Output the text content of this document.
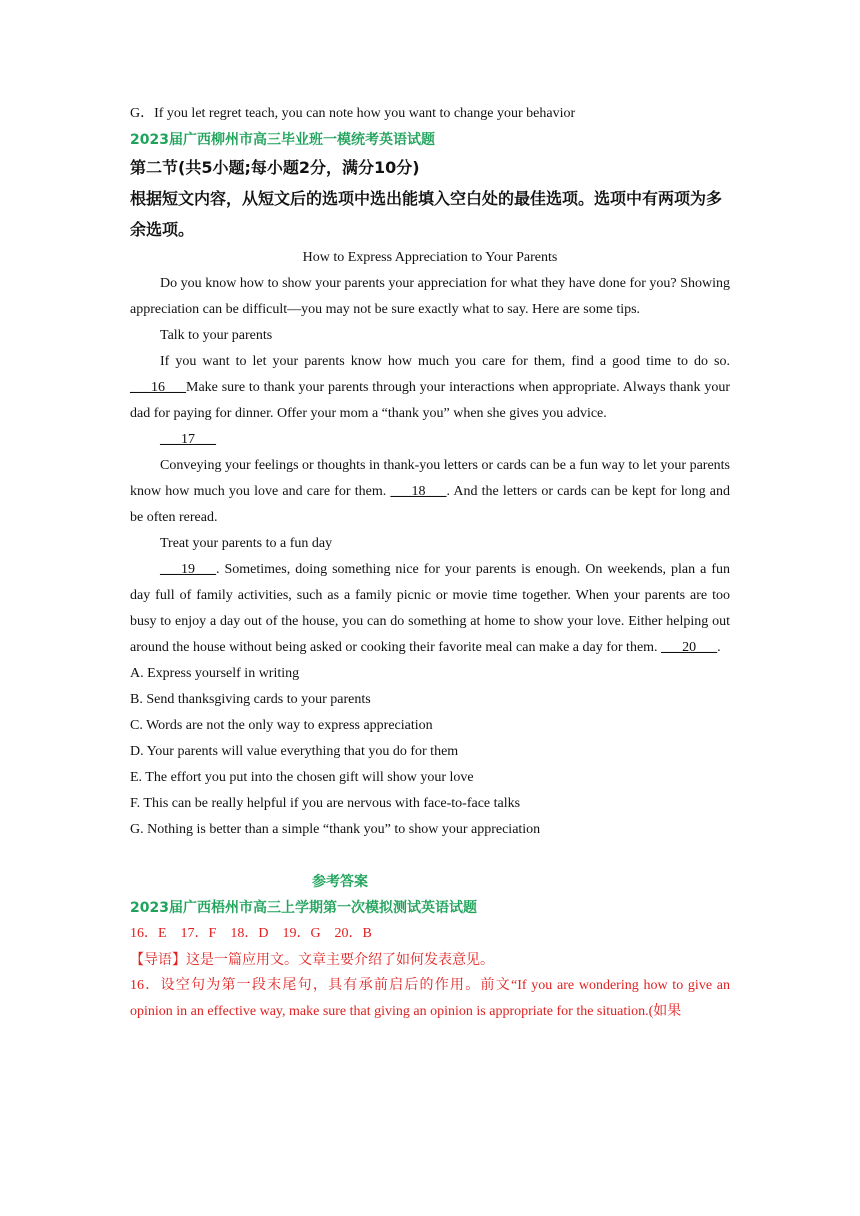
G．If you let regret teach, you can note how you want to change your behavior
2023届广西柳州市高三毕业班一模统考英语试题
第二节(共5小题;每小题2分，满分10分)
根据短文内容，从短文后的选项中选出能填入空白处的最佳选项。选项中有两项为多余选项。
How to Express Appreciation to Your Parents
Do you know how to show your parents your appreciation for what they have done for you? Showing appreciation can be difficult—you may not be sure exactly what to say. Here are some tips.
Talk to your parents
If you want to let your parents know how much you care for them, find a good time to do so. ___16___Make sure to thank your parents through your interactions when appropriate. Always thank your dad for paying for dinner. Offer your mom a “thank you” when she gives you advice.
___17___
Conveying your feelings or thoughts in thank-you letters or cards can be a fun way to let your parents know how much you love and care for them. ___18___. And the letters or cards can be kept for long and be often reread.
Treat your parents to a fun day
___19___. Sometimes, doing something nice for your parents is enough. On weekends, plan a fun day full of family activities, such as a family picnic or movie time together. When your parents are too busy to enjoy a day out of the house, you can do something at home to show your love. Either helping out around the house without being asked or cooking their favorite meal can make a day for them. ___20___.
A. Express yourself in writing
B. Send thanksgiving cards to your parents
C. Words are not the only way to express appreciation
D. Your parents will value everything that you do for them
E. The effort you put into the chosen gift will show your love
F. This can be really helpful if you are nervous with face-to-face talks
G. Nothing is better than a simple “thank you” to show your appreciation
参考答案
2023届广西梧州市高三上学期第一次模拟测试英语试题
16．E　17．F　18．D　19．G　20．B
【导语】这是一篇应用文。文章主要介绍了如何发表意见。
16．设空句为第一段末尾句，具有承前启后的作用。前文“If you are wondering how to give an opinion in an effective way, make sure that giving an opinion is appropriate for the situation.(如果
